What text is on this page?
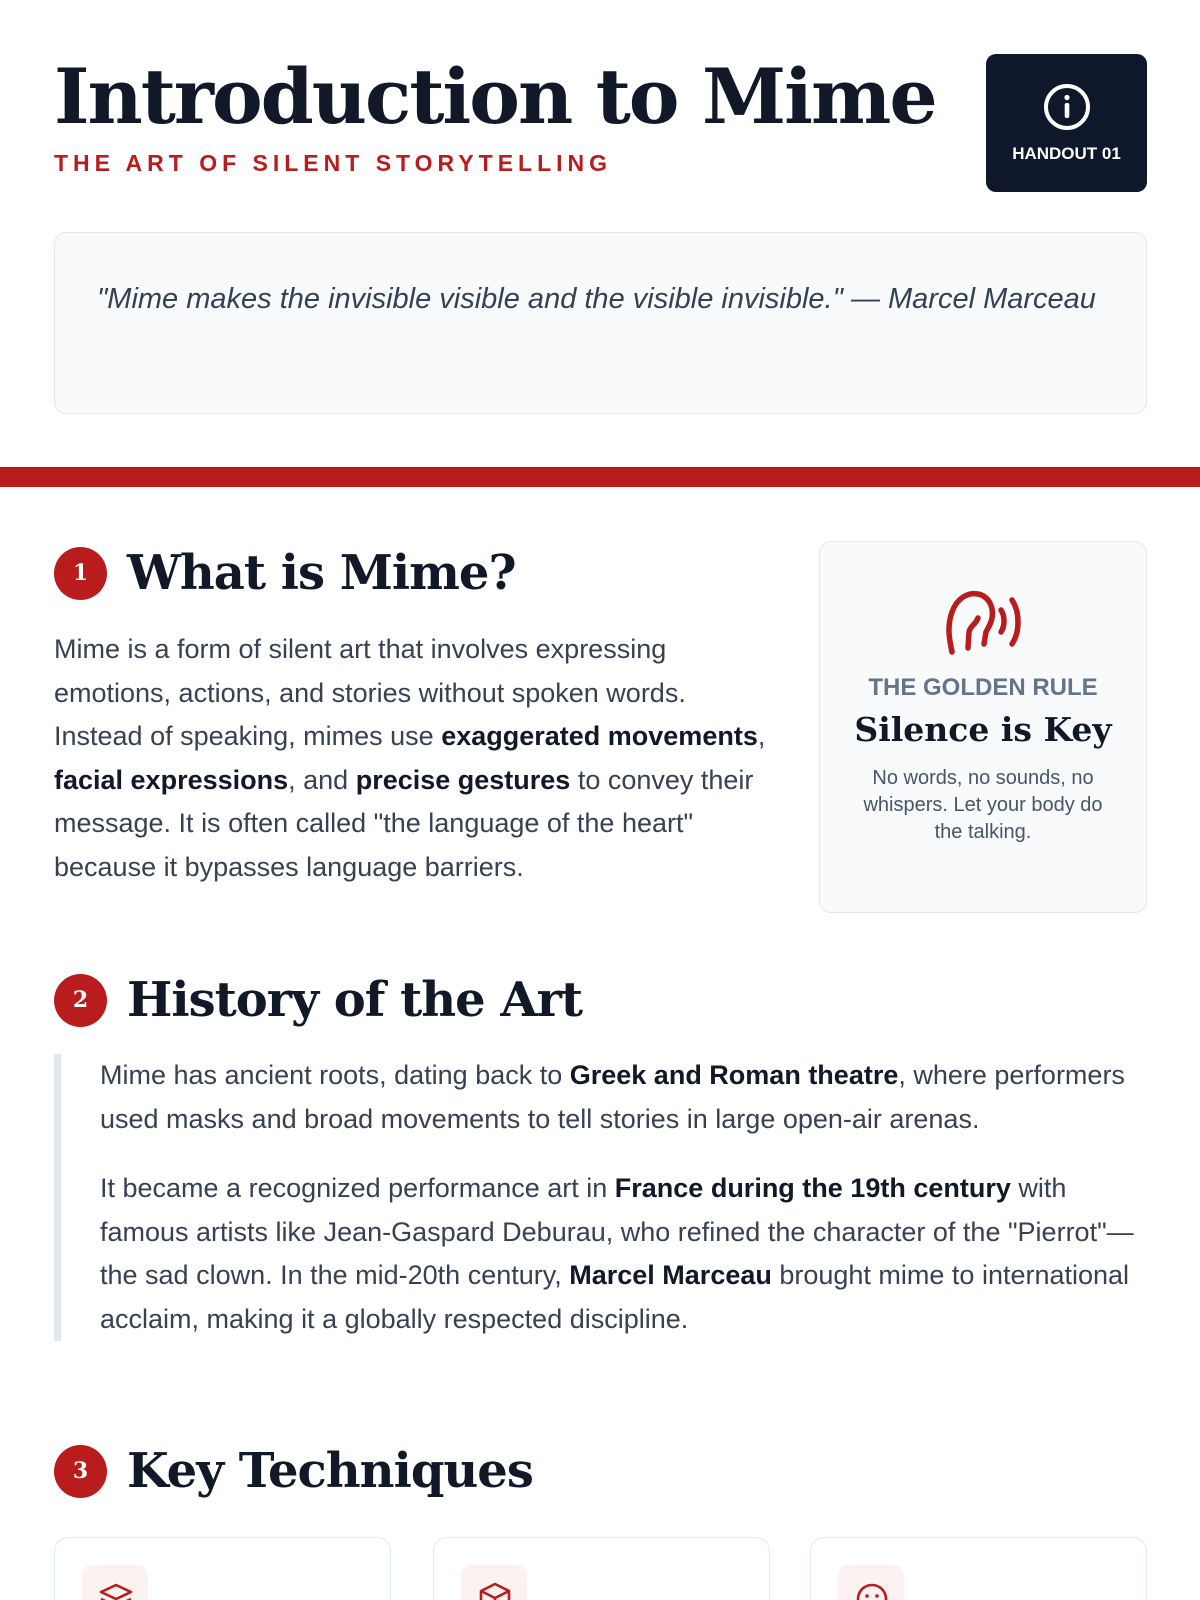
Introduction to Mime
THE ART OF SILENT STORYTELLING	HANDOUT 01

"Mime makes the invisible visible and the visible invisible." — Marcel Marceau

1 What is Mime?

Mime is a form of silent art that involves expressing emotions, actions, and stories without spoken words. Instead of speaking, mimes use exaggerated movements, facial expressions, and precise gestures to convey their message. It is often called "the language of the heart" because it bypasses language barriers.

THE GOLDEN RULE
Silence is Key
No words, no sounds, no whispers. Let your body do the talking.
2 History of the Art

Mime has ancient roots, dating back to Greek and Roman theatre, where performers used masks and broad movements to tell stories in large open-air arenas.

It became a recognized performance art in France during the 19th century with famous artists like Jean-Gaspard Deburau, who refined the character of the "Pierrot"—the sad clown. In the mid-20th century, Marcel Marceau brought mime to international acclaim, making it a globally respected discipline.

3 Key Techniques
